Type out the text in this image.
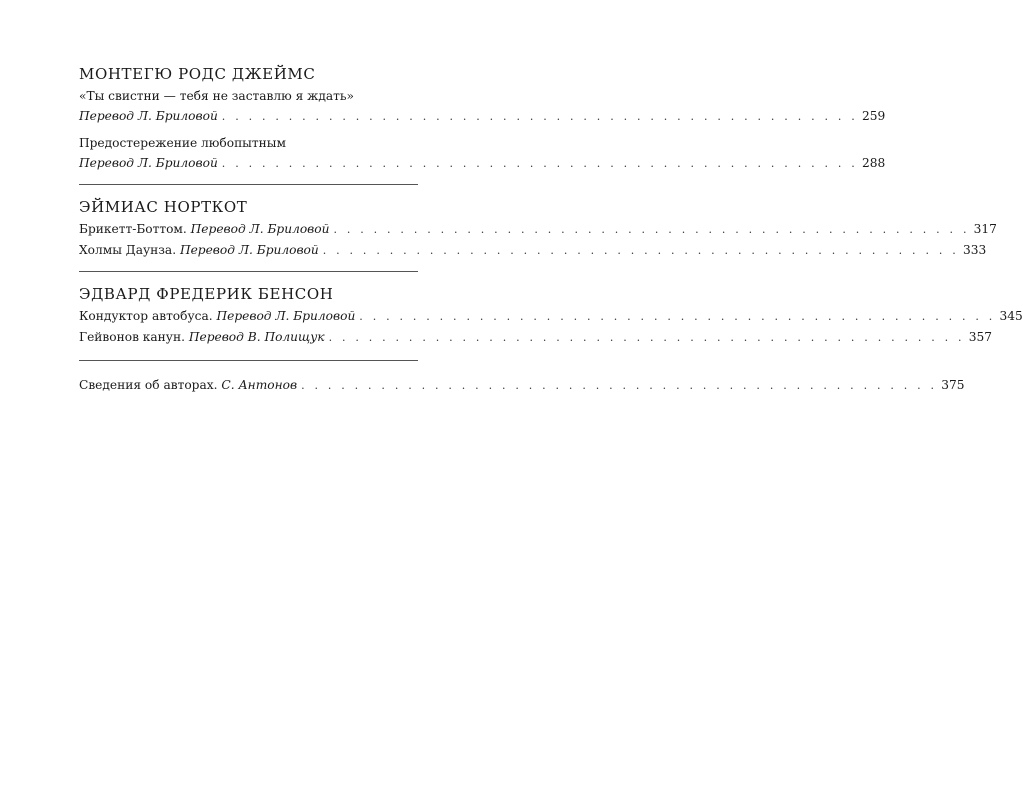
МОНТЕГЮ РОДС ДЖЕЙМС
«Ты свистни — тебя не заставлю я ждать»
Перевод Л. Бриловой . . . . . . . . . . . . . . . . . . . . . . . . . . . . . . . . . . . . . . . . . . . . . . . . 259
Предостережение любопытным
Перевод Л. Бриловой . . . . . . . . . . . . . . . . . . . . . . . . . . . . . . . . . . . . . . . . . . . . . . . . 288
ЭЙМИАС НОРТКОТ
Брикетт-Боттом. Перевод Л. Бриловой . . . . . . . . . . . . . . . . . . . . . . . . . . . . . . . . . . . . . . . . . . . . . . . . 317
Холмы Даунза. Перевод Л. Бриловой . . . . . . . . . . . . . . . . . . . . . . . . . . . . . . . . . . . . . . . . . . . . . . . . 333
ЭДВАРД ФРЕДЕРИК БЕНСОН
Кондуктор автобуса. Перевод Л. Бриловой . . . . . . . . . . . . . . . . . . . . . . . . . . . . . . . . . . . . . . . . . . . . . . . . 345
Гейвонов канун. Перевод В. Полищук . . . . . . . . . . . . . . . . . . . . . . . . . . . . . . . . . . . . . . . . . . . . . . . . 357
Сведения об авторах. С. Антонов . . . . . . . . . . . . . . . . . . . . . . . . . . . . . . . . . . . . . . . . . . . . . . . . 375
